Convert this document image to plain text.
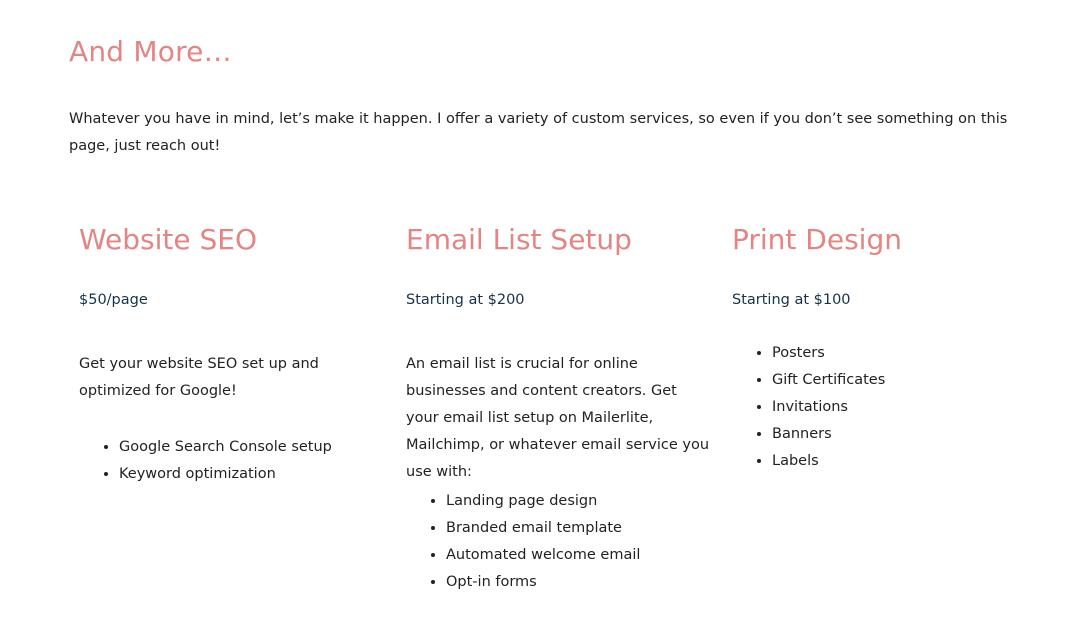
And More…

Whatever you have in mind, let’s make it happen. I offer a variety of custom services, so even if you don’t see something on this page, just reach out!

Website SEO

$50/page

Get your website SEO set up and optimized for Google!

• Google Search Console setup
• Keyword optimization
Email List Setup

Starting at $200

An email list is crucial for online businesses and content creators. Get your email list setup on Mailerlite, Mailchimp, or whatever email service you use with:

• Landing page design
• Branded email template
• Automated welcome email
• Opt-in forms
Print Design

Starting at $100

• Posters
• Gift Certificates
• Invitations
• Banners
• Labels
